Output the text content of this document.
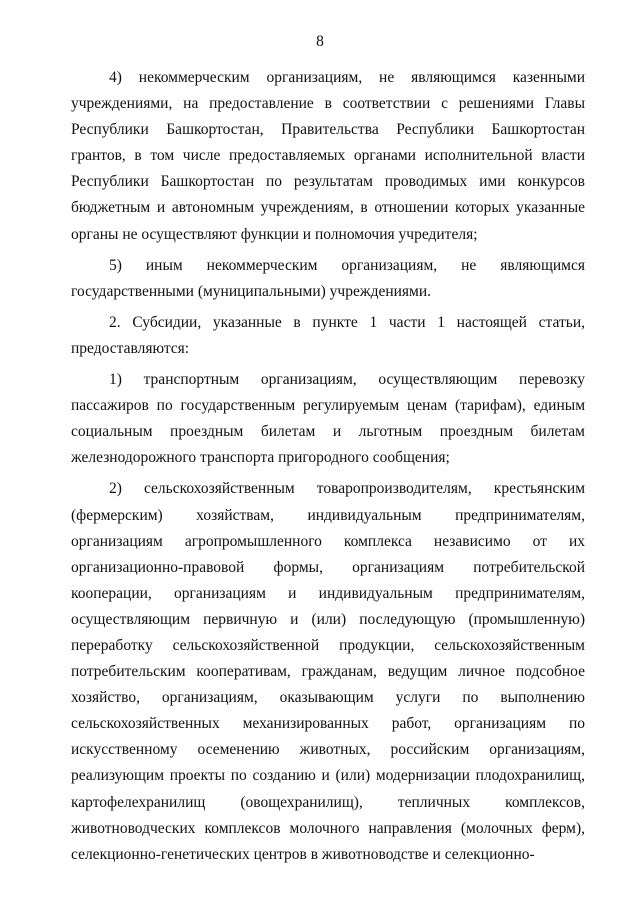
8

4) некоммерческим организациям, не являющимся казенными учреждениями, на предоставление в соответствии с решениями Главы Республики Башкортостан, Правительства Республики Башкортостан грантов, в том числе предоставляемых органами исполнительной власти Республики Башкортостан по результатам проводимых ими конкурсов бюджетным и автономным учреждениям, в отношении которых указанные органы не осуществляют функции и полномочия учредителя;

5) иным некоммерческим организациям, не являющимся государственными (муниципальными) учреждениями.

2. Субсидии, указанные в пункте 1 части 1 настоящей статьи, предоставляются:

1) транспортным организациям, осуществляющим перевозку пассажиров по государственным регулируемым ценам (тарифам), единым социальным проездным билетам и льготным проездным билетам железнодорожного транспорта пригородного сообщения;

2) сельскохозяйственным товаропроизводителям, крестьянским (фермерским) хозяйствам, индивидуальным предпринимателям, организациям агропромышленного комплекса независимо от их организационно-правовой формы, организациям потребительской кооперации, организациям и индивидуальным предпринимателям, осуществляющим первичную и (или) последующую (промышленную) переработку сельскохозяйственной продукции, сельскохозяйственным потребительским кооперативам, гражданам, ведущим личное подсобное хозяйство, организациям, оказывающим услуги по выполнению сельскохозяйственных механизированных работ, организациям по искусственному осеменению животных, российским организациям, реализующим проекты по созданию и (или) модернизации плодохранилищ, картофелехранилищ (овощехранилищ), тепличных комплексов, животноводческих комплексов молочного направления (молочных ферм), селекционно-генетических центров в животноводстве и селекционно-
